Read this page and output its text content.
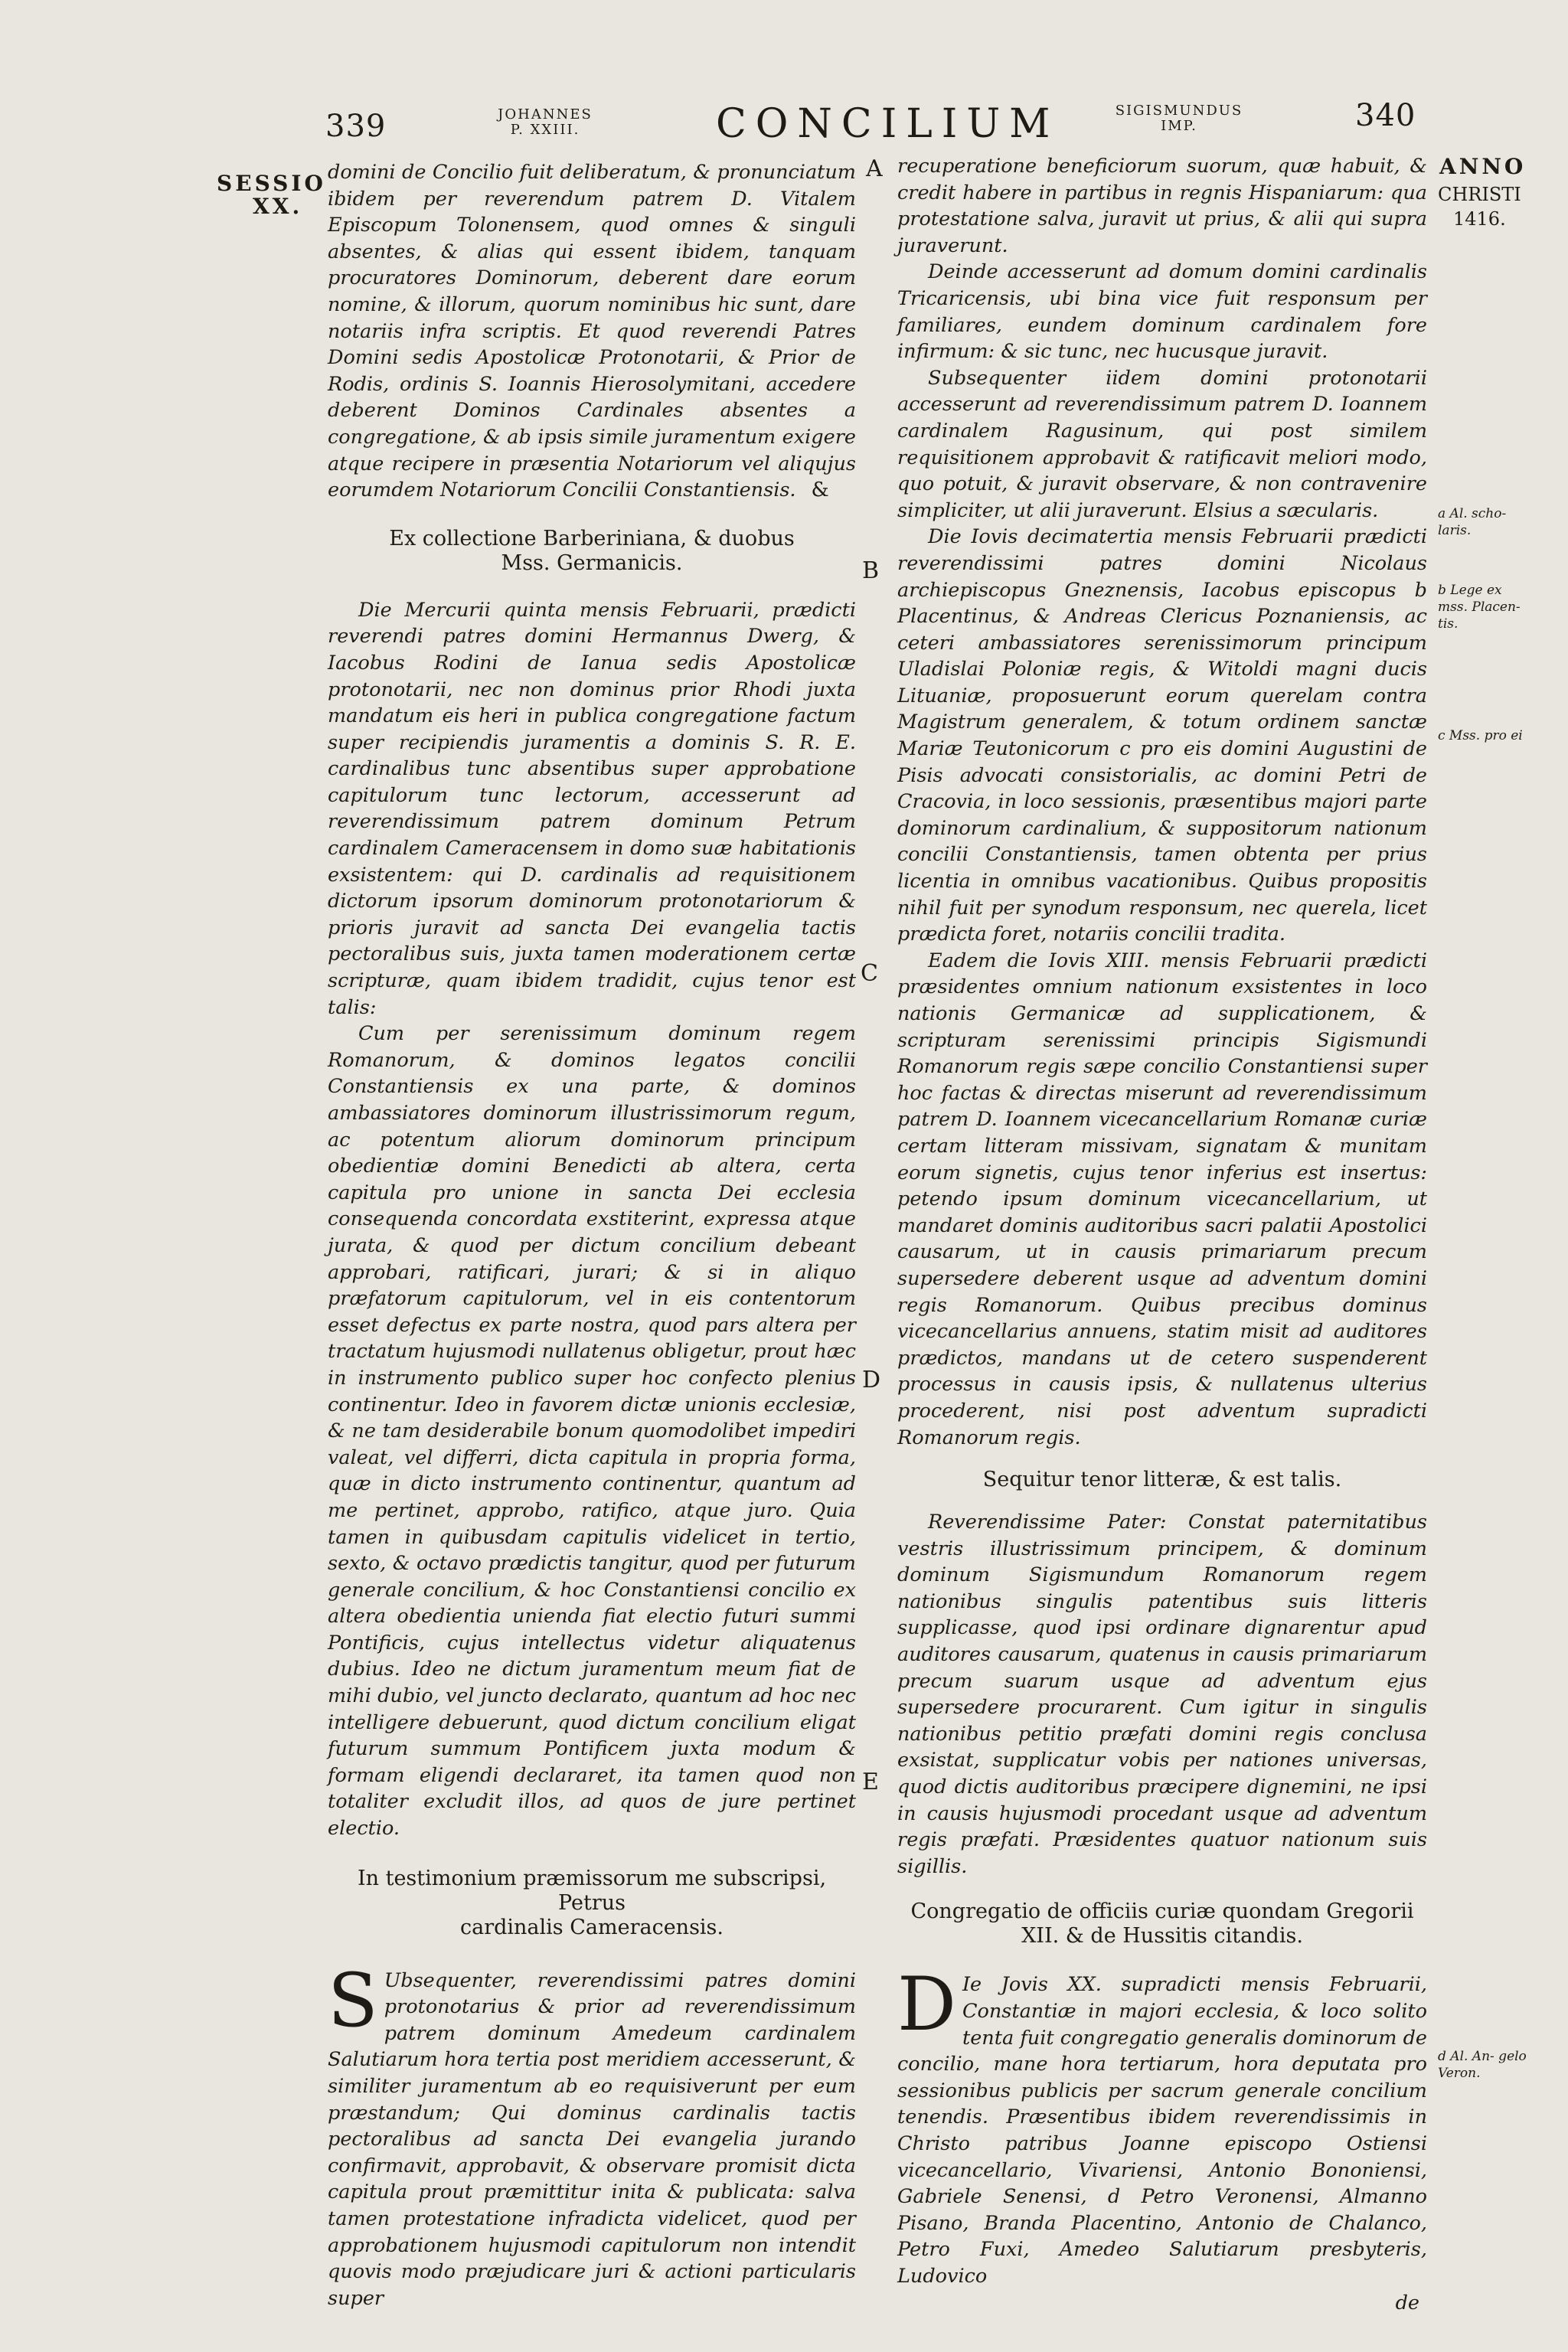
339	JOHANNES
P. XXIII.	CONCILIUM	SIGISMUNDUS
IMP.	340
SESSIO
XX.
ANNO
CHRISTI
1416.
A
B
C
D
E
a Al. scho- laris.
b Lege ex mss. Placen- tis.
c Mss. pro ei
d Al. An- gelo Veron.

domini de Concilio fuit deliberatum, & pronunciatum ibidem per reverendum patrem D. Vitalem Episcopum Tolonensem, quod omnes & singuli absentes, & alias qui essent ibidem, tanquam procuratores Dominorum, deberent dare eorum nomine, & illorum, quorum nominibus hic sunt, dare notariis infra scriptis. Et quod reverendi Patres Domini sedis Apostolicæ Protonotarii, & Prior de Rodis, ordinis S. Ioannis Hierosolymitani, accedere deberent Dominos Cardinales absentes a congregatione, & ab ipsis simile juramentum exigere atque recipere in præsentia Notariorum vel aliqujus eorumdem Notariorum Concilii Constantiensis. &

Ex collectione Barberiniana, & duobus
Mss. Germanicis.

Die Mercurii quinta mensis Februarii, prædicti reverendi patres domini Hermannus Dwerg, & Iacobus Rodini de Ianua sedis Apostolicæ protonotarii, nec non dominus prior Rhodi juxta mandatum eis heri in publica congregatione factum super recipiendis juramentis a dominis S. R. E. cardinalibus tunc absentibus super approbatione capitulorum tunc lectorum, accesserunt ad reverendissimum patrem dominum Petrum cardinalem Cameracensem in domo suæ habitationis exsistentem: qui D. cardinalis ad requisitionem dictorum ipsorum dominorum protonotariorum & prioris juravit ad sancta Dei evangelia tactis pectoralibus suis, juxta tamen moderationem certæ scripturæ, quam ibidem tradidit, cujus tenor est talis:

Cum per serenissimum dominum regem Romanorum, & dominos legatos concilii Constantiensis ex una parte, & dominos ambassiatores dominorum illustrissimorum regum, ac potentum aliorum dominorum principum obedientiæ domini Benedicti ab altera, certa capitula pro unione in sancta Dei ecclesia consequenda concordata exstiterint, expressa atque jurata, & quod per dictum concilium debeant approbari, ratificari, jurari; & si in aliquo præfatorum capitulorum, vel in eis contentorum esset defectus ex parte nostra, quod pars altera per tractatum hujusmodi nullatenus obligetur, prout hæc in instrumento publico super hoc confecto plenius continentur. Ideo in favorem dictæ unionis ecclesiæ, & ne tam desiderabile bonum quomodolibet impediri valeat, vel differri, dicta capitula in propria forma, quæ in dicto instrumento continentur, quantum ad me pertinet, approbo, ratifico, atque juro. Quia tamen in quibusdam capitulis videlicet in tertio, sexto, & octavo prædictis tangitur, quod per futurum generale concilium, & hoc Constantiensi concilio ex altera obedientia unienda fiat electio futuri summi Pontificis, cujus intellectus videtur aliquatenus dubius. Ideo ne dictum juramentum meum fiat de mihi dubio, vel juncto declarato, quantum ad hoc nec intelligere debuerunt, quod dictum concilium eligat futurum summum Pontificem juxta modum & formam eligendi declararet, ita tamen quod non totaliter excludit illos, ad quos de jure pertinet electio.

In testimonium præmissorum me subscripsi, Petrus
cardinalis Cameracensis.

S Ubsequenter, reverendissimi patres domini protonotarius & prior ad reverendissimum patrem dominum Amedeum cardinalem Salutiarum hora tertia post meridiem accesserunt, & similiter juramentum ab eo requisiverunt per eum præstandum; Qui dominus cardinalis tactis pectoralibus ad sancta Dei evangelia jurando confirmavit, approbavit, & observare promisit dicta capitula prout præmittitur inita & publicata: salva tamen protestatione infradicta videlicet, quod per approbationem hujusmodi capitulorum non intendit quovis modo præjudicare juri & actioni particularis super

recuperatione beneficiorum suorum, quæ habuit, & credit habere in partibus in regnis Hispaniarum: qua protestatione salva, juravit ut prius, & alii qui supra juraverunt.

Deinde accesserunt ad domum domini cardinalis Tricaricensis, ubi bina vice fuit responsum per familiares, eundem dominum cardinalem fore infirmum: & sic tunc, nec hucusque juravit.

Subsequenter iidem domini protonotarii accesserunt ad reverendissimum patrem D. Ioannem cardinalem Ragusinum, qui post similem requisitionem approbavit & ratificavit meliori modo, quo potuit, & juravit observare, & non contravenire simpliciter, ut alii juraverunt. Elsius a sæcularis.

Die Iovis decimatertia mensis Februarii prædicti reverendissimi patres domini Nicolaus archiepiscopus Gneznensis, Iacobus episcopus b Placentinus, & Andreas Clericus Poznaniensis, ac ceteri ambassiatores serenissimorum principum Uladislai Poloniæ regis, & Witoldi magni ducis Lituaniæ, proposuerunt eorum querelam contra Magistrum generalem, & totum ordinem sanctæ Mariæ Teutonicorum c pro eis domini Augustini de Pisis advocati consistorialis, ac domini Petri de Cracovia, in loco sessionis, præsentibus majori parte dominorum cardinalium, & suppositorum nationum concilii Constantiensis, tamen obtenta per prius licentia in omnibus vacationibus. Quibus propositis nihil fuit per synodum responsum, nec querela, licet prædicta foret, notariis concilii tradita.

Eadem die Iovis XIII. mensis Februarii prædicti præsidentes omnium nationum exsistentes in loco nationis Germanicæ ad supplicationem, & scripturam serenissimi principis Sigismundi Romanorum regis sæpe concilio Constantiensi super hoc factas & directas miserunt ad reverendissimum patrem D. Ioannem vicecancellarium Romanæ curiæ certam litteram missivam, signatam & munitam eorum signetis, cujus tenor inferius est insertus: petendo ipsum dominum vicecancellarium, ut mandaret dominis auditoribus sacri palatii Apostolici causarum, ut in causis primariarum precum supersedere deberent usque ad adventum domini regis Romanorum. Quibus precibus dominus vicecancellarius annuens, statim misit ad auditores prædictos, mandans ut de cetero suspenderent processus in causis ipsis, & nullatenus ulterius procederent, nisi post adventum supradicti Romanorum regis.

Sequitur tenor litteræ, & est talis.

Reverendissime Pater: Constat paternitatibus vestris illustrissimum principem, & dominum dominum Sigismundum Romanorum regem nationibus singulis patentibus suis litteris supplicasse, quod ipsi ordinare dignarentur apud auditores causarum, quatenus in causis primariarum precum suarum usque ad adventum ejus supersedere procurarent. Cum igitur in singulis nationibus petitio præfati domini regis conclusa exsistat, supplicatur vobis per nationes universas, quod dictis auditoribus præcipere dignemini, ne ipsi in causis hujusmodi procedant usque ad adventum regis præfati. Præsidentes quatuor nationum suis sigillis.

Congregatio de officiis curiæ quondam Gregorii
XII. & de Hussitis citandis.

D Ie Jovis XX. supradicti mensis Februarii, Constantiæ in majori ecclesia, & loco solito tenta fuit congregatio generalis dominorum de concilio, mane hora tertiarum, hora deputata pro sessionibus publicis per sacrum generale concilium tenendis. Præsentibus ibidem reverendissimis in Christo patribus Joanne episcopo Ostiensi vicecancellario, Vivariensi, Antonio Bononiensi, Gabriele Senensi, d Petro Veronensi, Almanno Pisano, Branda Placentino, Antonio de Chalanco, Petro Fuxi, Amedeo Salutiarum presbyteris, Ludovico

de
